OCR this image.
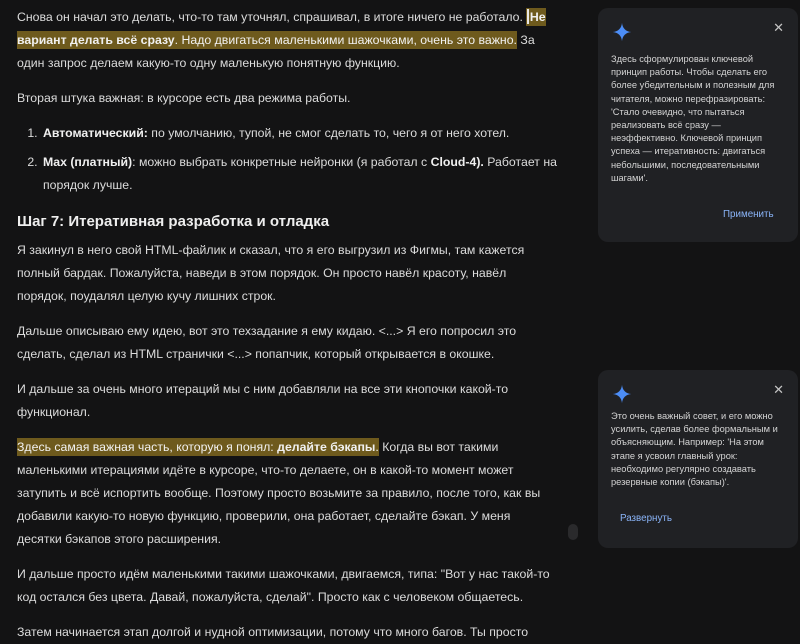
Снова он начал это делать, что-то там уточнял, спрашивал, в итоге ничего не работало. Не вариант делать всё сразу. Надо двигаться маленькими шажочками, очень это важно. За один запрос делаем какую-то одну маленькую понятную функцию.

Вторая штука важная: в курсоре есть два режима работы.

1. Автоматический: по умолчанию, тупой, не смог сделать то, чего я от него хотел.
2. Max (платный): можно выбрать конкретные нейронки (я работал с Cloud-4). Работает на порядок лучше.
Шаг 7: Итеративная разработка и отладка

Я закинул в него свой HTML-файлик и сказал, что я его выгрузил из Фигмы, там кажется полный бардак. Пожалуйста, наведи в этом порядок. Он просто навёл красоту, навёл порядок, поудалял целую кучу лишних строк.

Дальше описываю ему идею, вот это техзадание я ему кидаю. <...> Я его попросил это сделать, сделал из HTML странички <...> попапчик, который открывается в окошке.

И дальше за очень много итераций мы с ним добавляли на все эти кнопочки какой-то функционал.

Здесь самая важная часть, которую я понял: делайте бэкапы. Когда вы вот такими маленькими итерациями идёте в курсоре, что-то делаете, он в какой-то момент может затупить и всё испортить вообще. Поэтому просто возьмите за правило, после того, как вы добавили какую-то новую функцию, проверили, она работает, сделайте бэкап. У меня десятки бэкапов этого расширения.

И дальше просто идём маленькими такими шажочками, двигаемся, типа: "Вот у нас такой-то код остался без цвета. Давай, пожалуйста, сделай". Просто как с человеком общаетесь.

Затем начинается этап долгой и нудной оптимизации, потому что много багов. Ты просто

✕
Здесь сформулирован ключевой принцип работы. Чтобы сделать его более убедительным и полезным для читателя, можно перефразировать: 'Стало очевидно, что пытаться реализовать всё сразу — неэффективно. Ключевой принцип успеха — итеративность: двигаться небольшими, последовательными шагами'.
Применить
✕
Это очень важный совет, и его можно усилить, сделав более формальным и объясняющим. Например: 'На этом этапе я усвоил главный урок: необходимо регулярно создавать резервные копии (бэкапы)'.
Развернуть
